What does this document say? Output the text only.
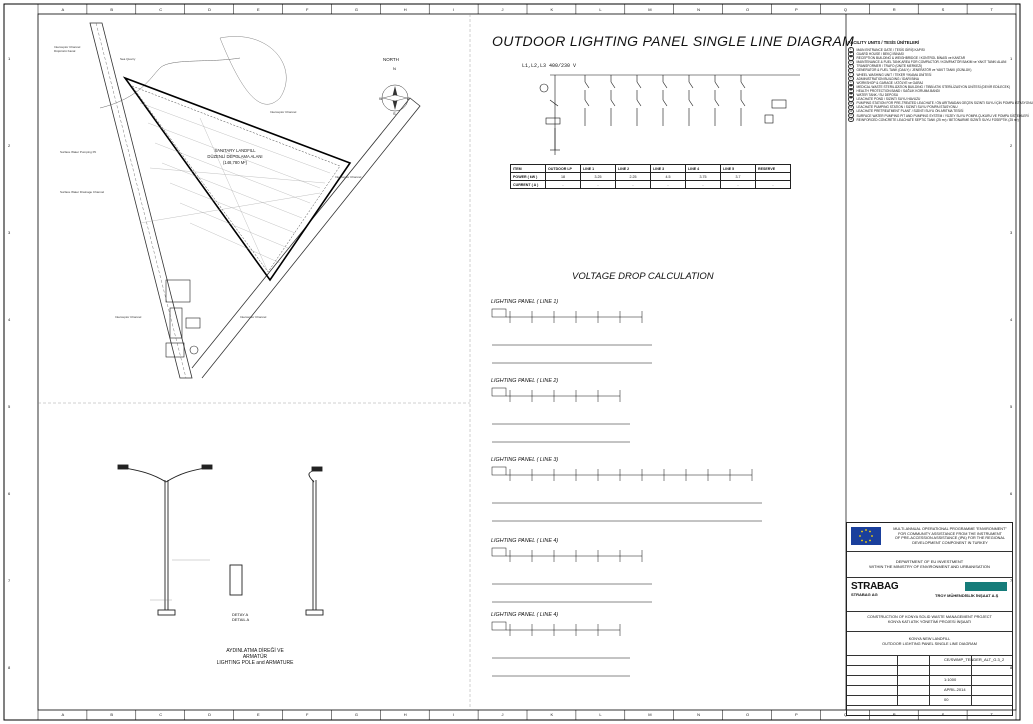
A
A
B
B
C
C
D
D
E
E
F
F
G
G
H
H
I
I
J
J
K
K
L
L
M
M
N
N
O
O
P
P
Q
Q
R
R
S
S
T
T
1	1
2	2
3	3
4	4
5	5
6	6
7	7
8	8
Interceptor Channel
Düşürücü Kanal
Sea Quarry
Interceptor Channel
Surface Water Pumping Pit
Surface Water Drainage Channel
Interceptor Channel
Interceptor Channel	Interceptor Channel
SANITARY LANDFILL
DÜZENLİ DEPOLAMA ALANI
(148,780 M²)
NORTH
N
E
S
W
AYDINLATMA DİREĞİ VE ARMATÜR
LIGHTING POLE and ARMATURE
DETAY A
DETAIL A
OUTDOOR LIGHTING PANEL SINGLE LINE DIAGRAM
VOLTAGE DROP CALCULATION
L1,L2,L3 400/230 V
ITEM	OUTDOOR LP	LINE 1	LINE 2	LINE 3	LINE 4	LINE 5	RESERVE
POWER ( kW )	18	3.25	2.25	4.5	3.75	3.7	
CURRENT ( A )	-	-	-	-	-	-	-
LIGHTING PANEL ( LINE 1)
LIGHTING PANEL ( LINE 2)
LIGHTING PANEL ( LINE 3)
LIGHTING PANEL ( LINE 4)
LIGHTING PANEL ( LINE 4)
FACILITY UNITS / TESİS ÜNİTELERİ
1	MAIN ENTRANCE GATE / TESİS GİRİŞ KAPISI
2	GUARD HOUSE / BEKÇİ BİNASI
3	RECEPTION BUILDING & WEIGHBRIDGE / KONTROL BİNASI ve KANTAR
4	MAINTENANCE & FUEL TANK AREA FOR COMPACTOR / KOMPAKTÖR BAKIM ve YAKIT TANKI ALANI
5	TRANSFORMER / TRAFO (ÜNİTE MERKEZİ)
6	GENERATOR & FUEL TANK (DAILY) / JENERATÖR ve YAKIT TANKI (GÜNLÜK)
7	WHEEL WASHING UNIT / TEKER YIKAMA ÜNİTESİ
8	ADMINISTRATION BUILDING / İDARİ BİNA
9	WORKSHOP & GARAGE / ATÖLYE ve GARAJ
10	MEDICAL WASTE STERILIZATION BUILDING / TIBBİ ATIK STERİLİZASYON ÜNİTESİ (DEVİR EDİLECEK)
11	HEALTH PROTECTION BAND / SAĞLIK KORUMA BANDI
12	WATER TANK / SU DEPOSU
13	LEACHATE POND / SIZINTI SUYU HAVUZU
14	PUMPING STATION FOR PRE-TREATED LEACHATE / ÖN ARITMADAN GEÇEN SIZINTI SUYU İÇİN POMPA İSTASYONU
15	LEACHATE PUMPING STATION / SIZINTI SUYU POMPA İSTASYONU
16	LEACHATE PRETREATMENT PLANT / SIZINTI SUYU ÖN ARITMA TESİSİ
17	SURFACE WATER PUMPING PIT AND PUMPING SYSTEM / YÜZEY SUYU POMPA ÇUKURU VE POMPA SİSTEMLERİ
18	REINFORCED CONCRETE LEACHATE SEPTIC TANK (25 m³) / BETONARME SIZINTI SUYU FOSEPTİK (25 m³)
MULTI-ANNUAL OPERATIONAL PROGRAMME "ENVIRONMENT"
FOR COMMUNITY ASSISTANCE FROM THE INSTRUMENT
OF PRE-ACCESSION ASSISTANCE (IPA) FOR THE REGIONAL
DEVELOPMENT COMPONENT IN TURKEY
DEPARTMENT OF EU INVESTMENT
WITHIN THE MINISTRY OF ENVIRONMENT AND URBANISATION
STRABAG
STRABAG AG	TROY MÜHENDİSLİK İNŞAAT A.Ş
CONSTRUCTION OF KONYA SOLID WASTE MANAGEMENT PROJECT
KONYA KATI ATIK YÖNETİMİ PROJESİ İNŞAATI
KONYA NEW LANDFILL
OUTDOOR LIGHTING PANEL SINGLE LINE DIAGRAM
CE/SWMP_TENDER_ALT_G.3_2
1:1000
APRIL.2014
00
